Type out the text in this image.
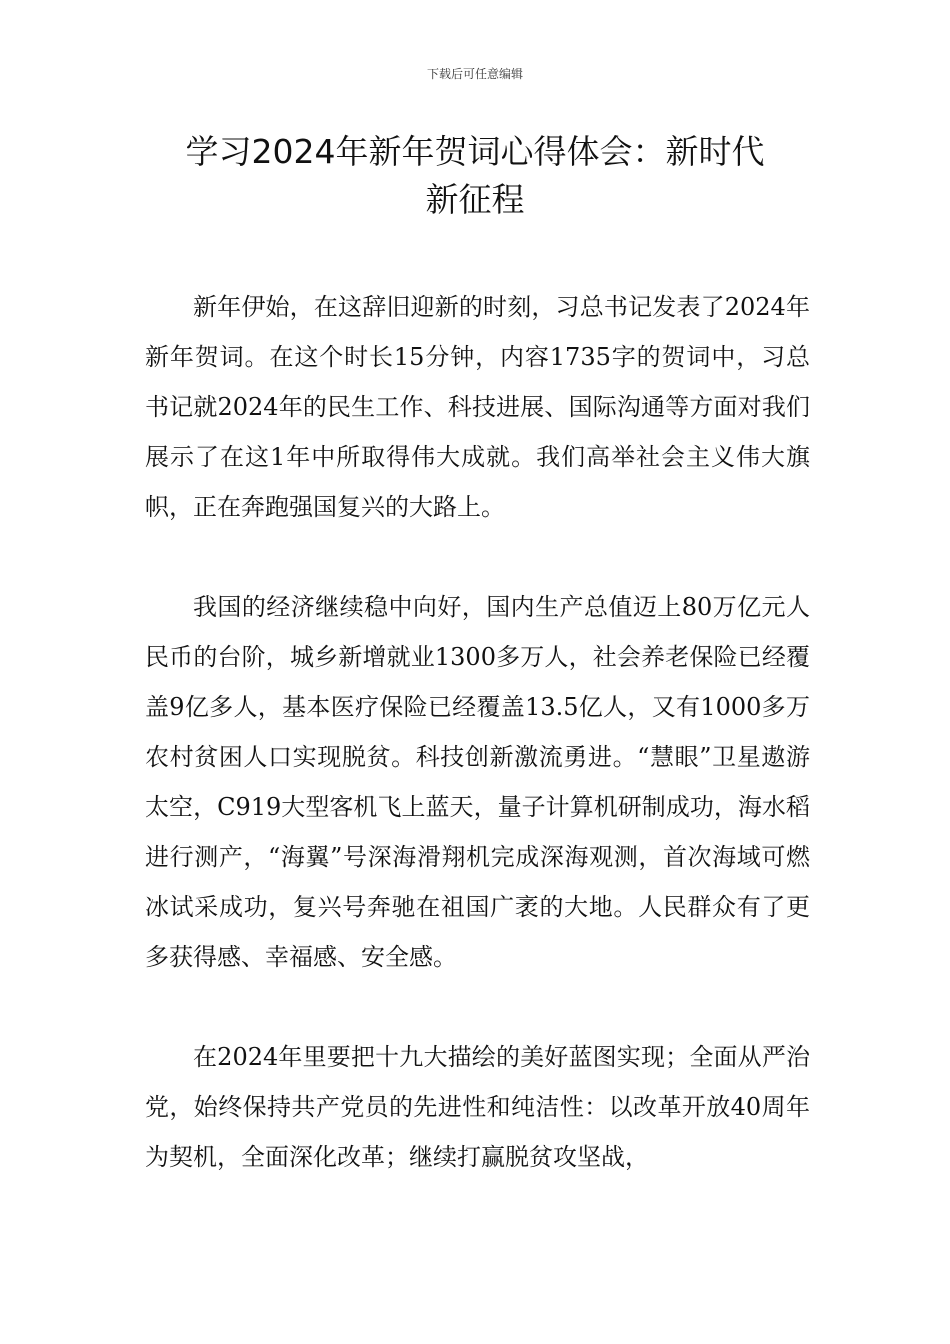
下载后可任意编辑
学习2024年新年贺词心得体会：新时代
新征程

新年伊始，在这辞旧迎新的时刻，习总书记发表了2024年新年贺词。在这个时长15分钟，内容1735字的贺词中，习总书记就2024年的民生工作、科技进展、国际沟通等方面对我们展示了在这1年中所取得伟大成就。我们高举社会主义伟大旗帜，正在奔跑强国复兴的大路上。

我国的经济继续稳中向好，国内生产总值迈上80万亿元人民币的台阶，城乡新增就业1300多万人，社会养老保险已经覆盖9亿多人，基本医疗保险已经覆盖13.5亿人，又有1000多万农村贫困人口实现脱贫。科技创新激流勇进。“慧眼”卫星遨游太空，C919大型客机飞上蓝天，量子计算机研制成功，海水稻进行测产，“海翼”号深海滑翔机完成深海观测，首次海域可燃冰试采成功，复兴号奔驰在祖国广袤的大地。人民群众有了更多获得感、幸福感、安全感。

在2024年里要把十九大描绘的美好蓝图实现；全面从严治党，始终保持共产党员的先进性和纯洁性：以改革开放40周年为契机，全面深化改革；继续打赢脱贫攻坚战，
